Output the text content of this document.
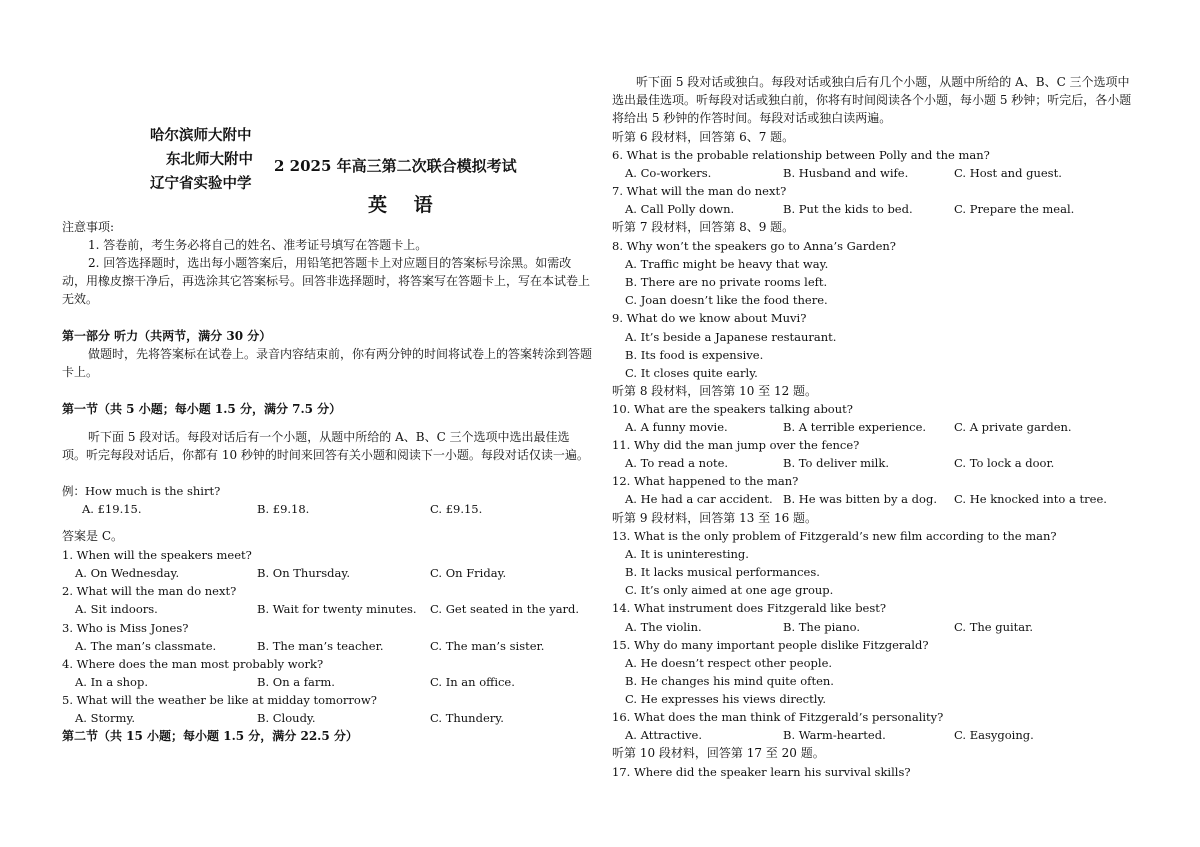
哈尔滨师大附中
东北师大附中
辽宁省实验中学
2 2025 年高三第二次联合模拟考试
英 语
注意事项:
1. 答卷前，考生务必将自己的姓名、准考证号填写在答题卡上。
2. 回答选择题时，选出每小题答案后，用铅笔把答题卡上对应题目的答案标号涂黑。如需改动，用橡皮擦干净后，再选涂其它答案标号。回答非选择题时，将答案写在答题卡上，写在本试卷上无效。
第一部分 听力（共两节，满分 30 分）
做题时，先将答案标在试卷上。录音内容结束前，你有两分钟的时间将试卷上的答案转涂到答题卡上。
第一节（共 5 小题；每小题 1.5 分，满分 7.5 分）
听下面 5 段对话。每段对话后有一个小题，从题中所给的 A、B、C 三个选项中选出最佳选项。听完每段对话后，你都有 10 秒钟的时间来回答有关小题和阅读下一小题。每段对话仅读一遍。
例：How much is the shirt?
A. £19.15.	B. £9.18.	C. £9.15.
答案是 C。
1. When will the speakers meet?
A. On Wednesday.	B. On Thursday.	C. On Friday.
2. What will the man do next?
A. Sit indoors.	B. Wait for twenty minutes. C. Get seated in the yard.
3. Who is Miss Jones?
A. The man’s classmate.	B. The man’s teacher.	C. The man’s sister.
4. Where does the man most probably work?
A. In a shop.	B. On a farm.	C. In an office.
5. What will the weather be like at midday tomorrow?
A. Stormy.	B. Cloudy.	C. Thundery.
第二节（共 15 小题；每小题 1.5 分，满分 22.5 分）
听下面 5 段对话或独白。每段对话或独白后有几个小题，从题中所给的 A、B、C 三个选项中选出最佳选项。听每段对话或独白前，你将有时间阅读各个小题，每小题 5 秒钟；听完后，各小题将给出 5 秒钟的作答时间。每段对话或独白读两遍。
听第 6 段材料，回答第 6、7 题。
6. What is the probable relationship between Polly and the man?
A. Co-workers.	B. Husband and wife.	C. Host and guest.
7. What will the man do next?
A. Call Polly down.	B. Put the kids to bed.	C. Prepare the meal.
听第 7 段材料，回答第 8、9 题。
8. Why won’t the speakers go to Anna’s Garden?
A. Traffic might be heavy that way.
B. There are no private rooms left.
C. Joan doesn’t like the food there.
9. What do we know about Muvi?
A. It’s beside a Japanese restaurant.
B. Its food is expensive.
C. It closes quite early.
听第 8 段材料，回答第 10 至 12 题。
10. What are the speakers talking about?
A. A funny movie.	B. A terrible experience. C. A private garden.
11. Why did the man jump over the fence?
A. To read a note.	B. To deliver milk.	C. To lock a door.
12. What happened to the man?
A. He had a car accident. B. He was bitten by a dog. C. He knocked into a tree.
听第 9 段材料，回答第 13 至 16 题。
13. What is the only problem of Fitzgerald’s new film according to the man?
A. It is uninteresting.
B. It lacks musical performances.
C. It’s only aimed at one age group.
14. What instrument does Fitzgerald like best?
A. The violin.	B. The piano.	C. The guitar.
15. Why do many important people dislike Fitzgerald?
A. He doesn’t respect other people.
B. He changes his mind quite often.
C. He expresses his views directly.
16. What does the man think of Fitzgerald’s personality?
A. Attractive.	B. Warm-hearted.	C. Easygoing.
听第 10 段材料，回答第 17 至 20 题。
17. Where did the speaker learn his survival skills?
